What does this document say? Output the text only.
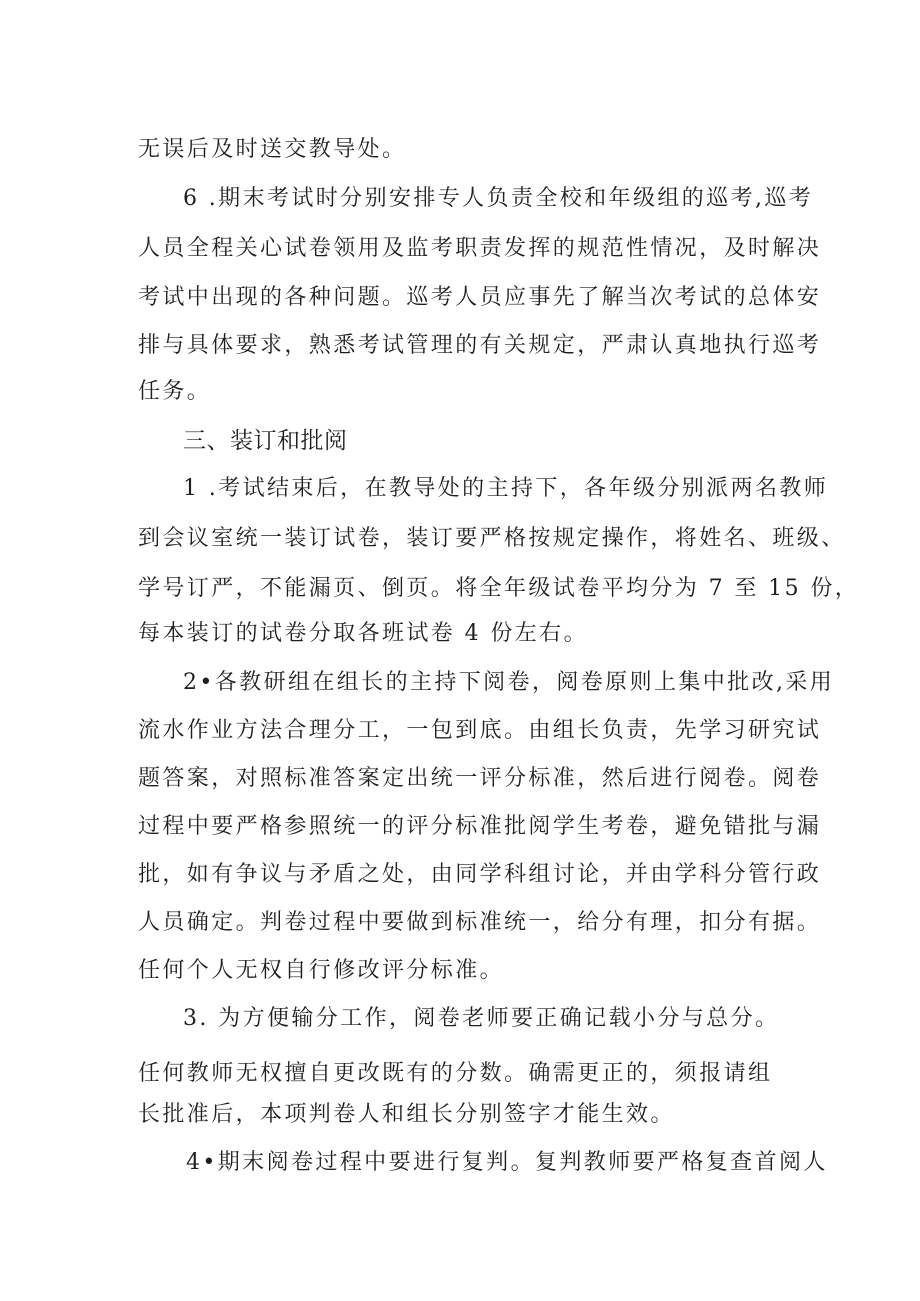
无误后及时送交教导处。
6 .期末考试时分别安排专人负责全校和年级组的巡考,巡考
人员全程关心试卷领用及监考职责发挥的规范性情况，及时解决
考试中出现的各种问题。巡考人员应事先了解当次考试的总体安
排与具体要求，熟悉考试管理的有关规定，严肃认真地执行巡考
任务。
三、装订和批阅
1 .考试结束后，在教导处的主持下，各年级分别派两名教师
到会议室统一装订试卷，装订要严格按规定操作，将姓名、班级、
学号订严，不能漏页、倒页。将全年级试卷平均分为 7 至 15 份，
每本装订的试卷分取各班试卷 4 份左右。
2•各教研组在组长的主持下阅卷，阅卷原则上集中批改,采用
流水作业方法合理分工，一包到底。由组长负责，先学习研究试
题答案，对照标准答案定出统一评分标准，然后进行阅卷。阅卷
过程中要严格参照统一的评分标准批阅学生考卷，避免错批与漏
批，如有争议与矛盾之处，由同学科组讨论，并由学科分管行政
人员确定。判卷过程中要做到标准统一，给分有理，扣分有据。
任何个人无权自行修改评分标准。
3. 为方便输分工作，阅卷老师要正确记载小分与总分。
任何教师无权擅自更改既有的分数。确需更正的，须报请组
长批准后，本项判卷人和组长分别签字才能生效。
4•期末阅卷过程中要进行复判。复判教师要严格复查首阅人
